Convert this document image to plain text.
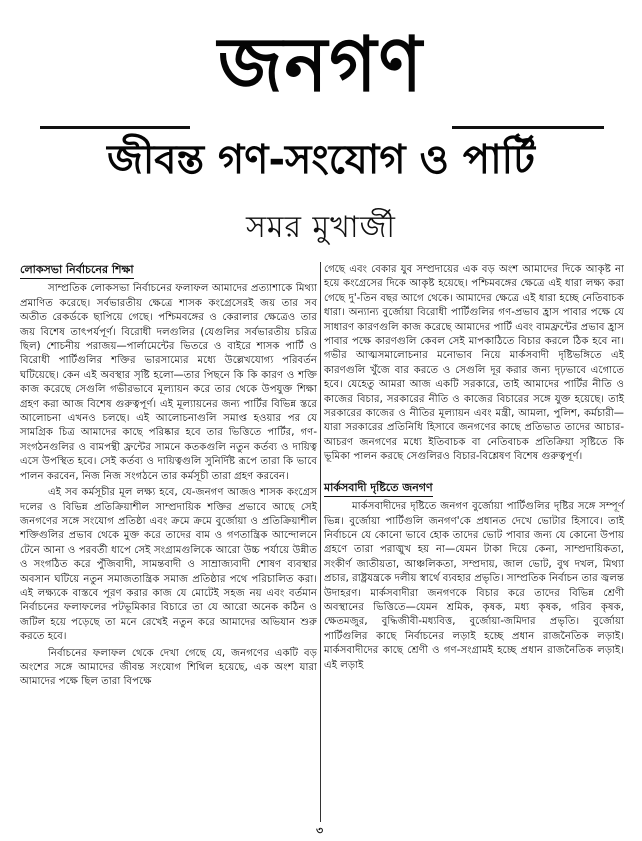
জনগণ
জীবন্ত গণ-সংযোগ ও পার্টি
সমর মুখার্জী
লোকসভা নির্বাচনের শিক্ষা

সাম্প্রতিক লোকসভা নির্বাচনের ফলাফল আমাদের প্রত্যাশাকে মিথ্যা প্রমাণিত করেছে। সর্বভারতীয় ক্ষেত্রে শাসক কংগ্রেসেরই জয় তার সব অতীত রেকর্ডকে ছাপিয়ে গেছে। পশ্চিমবঙ্গের ও কেরালার ক্ষেত্রেও তার জয় বিশেষ তাৎপর্যপূর্ণ। বিরোধী দলগুলির (যেগুলির সর্বভারতীয় চরিত্র ছিল) শোচনীয় পরাজয়—পার্লামেন্টের ভিতরে ও বাইরে শাসক পার্টি ও বিরোধী পার্টিগুলির শক্তির ভারসাম্যের মধ্যে উল্লেখযোগ্য পরিবর্তন ঘটিয়েছে। কেন এই অবস্থার সৃষ্টি হলো—তার পিছনে কি কি কারণ ও শক্তি কাজ করেছে সেগুলি গভীরভাবে মূল্যায়ন করে তার থেকে উপযুক্ত শিক্ষা গ্রহণ করা আজ বিশেষ গুরুত্বপূর্ণ। এই মূল্যায়নের জন্য পার্টির বিভিন্ন স্তরে আলোচনা এখনও চলছে। এই আলোচনাগুলি সমাপ্ত হওয়ার পর যে সামগ্রিক চিত্র আমাদের কাছে পরিষ্কার হবে তার ভিত্তিতে পার্টির, গণ-সংগঠনগুলির ও বামপন্থী ফ্রন্টের সামনে কতকগুলি নতুন কর্তব্য ও দায়িত্ব এসে উপস্থিত হবে। সেই কর্তব্য ও দায়িত্বগুলি সুনির্দিষ্ট রূপে তারা কি ভাবে পালন করবেন, নিজ নিজ সংগঠনে তার কর্মসূচী তারা গ্রহণ করবেন।

এই সব কর্মসূচীর মূল লক্ষ্য হবে, যে-জনগণ আজও শাসক কংগ্রেস দলের ও বিভিন্ন প্রতিক্রিয়াশীল সাম্প্রদায়িক শক্তির প্রভাবে আছে সেই জনগণের সঙ্গে সংযোগ প্রতিষ্ঠা এবং ক্রমে ক্রমে বুর্জোয়া ও প্রতিক্রিয়াশীল শক্তিগুলির প্রভাব থেকে মুক্ত করে তাদের বাম ও গণতান্ত্রিক আন্দোলনে টেনে আনা ও পরবর্তী ধাপে সেই সংগ্রামগুলিকে আরো উচ্চ পর্যায়ে উন্নীত ও সংগঠিত করে পুঁজিবাদী, সামন্তবাদী ও সাম্রাজ্যবাদী শোষণ ব্যবস্থার অবসান ঘটিয়ে নতুন সমাজতান্ত্রিক সমাজ প্রতিষ্ঠার পথে পরিচালিত করা। এই লক্ষ্যকে বাস্তবে পূরণ করার কাজ যে মোটেই সহজ নয় এবং বর্তমান নির্বাচনের ফলাফলের পটভূমিকার বিচারে তা যে আরো অনেক কঠিন ও জটিল হয়ে পড়েছে তা মনে রেখেই নতুন করে আমাদের অভিযান শুরু করতে হবে।

নির্বাচনের ফলাফল থেকে দেখা গেছে যে, জনগণের একটি বড় অংশের সঙ্গে আমাদের জীবন্ত সংযোগ শিথিল হয়েছে, এক অংশ যারা আমাদের পক্ষে ছিল তারা বিপক্ষে

গেছে এবং বেকার যুব সম্প্রদায়ের এক বড় অংশ আমাদের দিকে আকৃষ্ট না হয়ে কংগ্রেসের দিকে আকৃষ্ট হয়েছে। পশ্চিমবঙ্গের ক্ষেত্রে এই ধারা লক্ষ্য করা গেছে দু'-তিন বছর আগে থেকে। আমাদের ক্ষেত্রে এই ধারা হচ্ছে নেতিবাচক ধারা। অন্যান্য বুর্জোয়া বিরোধী পার্টিগুলির গণ-প্রভাব হ্রাস পাবার পক্ষে যে সাধারণ কারণগুলি কাজ করেছে আমাদের পার্টি এবং বামফ্রন্টের প্রভাব হ্রাস পাবার পক্ষে কারণগুলি কেবল সেই মাপকাঠিতে বিচার করলে ঠিক হবে না। গভীর আত্মসমালোচনার মনোভাব নিয়ে মার্কসবাদী দৃষ্টিভঙ্গিতে এই কারণগুলি খুঁজে বার করতে ও সেগুলি দূর করার জন্য দৃঢ়ভাবে এগোতে হবে। যেহেতু আমরা আজ একটি সরকারে, তাই আমাদের পার্টির নীতি ও কাজের বিচার, সরকারের নীতি ও কাজের বিচারের সঙ্গে যুক্ত হয়েছে। তাই সরকারের কাজের ও নীতির মূল্যায়ন এবং মন্ত্রী, আমলা, পুলিশ, কর্মচারী—যারা সরকারের প্রতিনিধি হিসাবে জনগণের কাছে প্রতিভাত তাদের আচার-আচরণ জনগণের মধ্যে ইতিবাচক বা নেতিবাচক প্রতিক্রিয়া সৃষ্টিতে কি ভূমিকা পালন করছে সেগুলিরও বিচার-বিশ্লেষণ বিশেষ গুরুত্বপূর্ণ।

মার্কসবাদী দৃষ্টিতে জনগণ

মার্কসবাদীদের দৃষ্টিতে জনগণ বুর্জোয়া পার্টিগুলির দৃষ্টির সঙ্গে সম্পূর্ণ ভিন্ন। বুর্জোয়া পার্টিগুলি জনগণ'কে প্রধানত দেখে ভোটার হিসাবে। তাই নির্বাচনে যে কোনো ভাবে হোক তাদের ভোট পাবার জন্য যে কোনো উপায় গ্রহণে তারা পরাঙ্মুখ হয় না—যেমন টাকা দিয়ে কেনা, সাম্প্রদায়িকতা, সংকীর্ণ জাতীয়তা, আঞ্চলিকতা, সম্প্রদায়, জাল ভোট, বুথ দখল, মিথ্যা প্রচার, রাষ্ট্রযন্ত্রকে দলীয় স্বার্থে ব্যবহার প্রভৃতি। সাম্প্রতিক নির্বাচন তার জ্বলন্ত উদাহরণ। মার্কসবাদীরা জনগণকে বিচার করে তাদের বিভিন্ন শ্রেণী অবস্থানের ভিত্তিতে—যেমন শ্রমিক, কৃষক, মধ্য কৃষক, গরিব কৃষক, ক্ষেতমজুর, বুদ্ধিজীবী-মধ্যবিত্ত, বুর্জোয়া-জমিদার প্রভৃতি। বুর্জোয়া পার্টিগুলির কাছে নির্বাচনের লড়াই হচ্ছে প্রধান রাজনৈতিক লড়াই। মার্কসবাদীদের কাছে শ্রেণী ও গণ-সংগ্রামই হচ্ছে প্রধান রাজনৈতিক লড়াই। এই লড়াই

৩
